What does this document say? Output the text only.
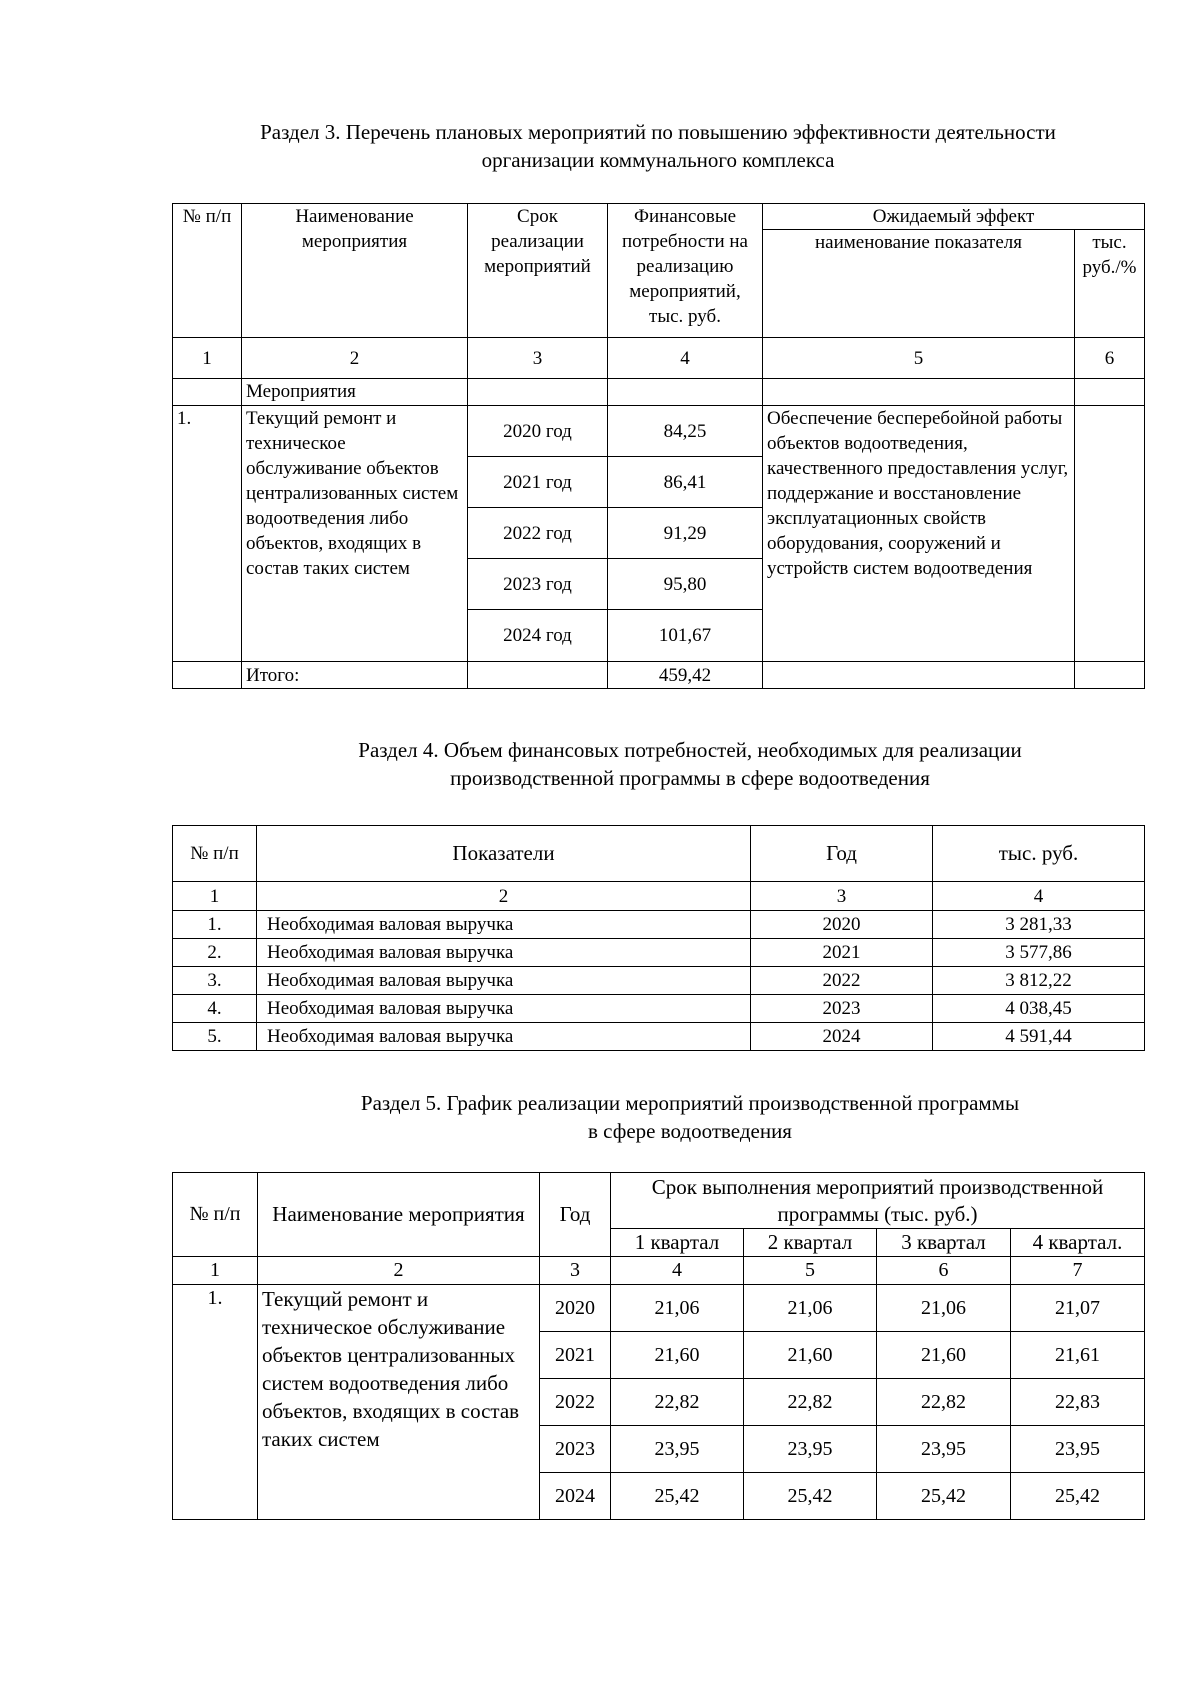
Раздел 3. Перечень плановых мероприятий по повышению эффективности деятельности
организации коммунального комплекса
№ п/п	Наименование мероприятия	Срок реализации мероприятий	Финансовые потребности на реализацию мероприятий, тыс. руб.	Ожидаемый эффект	
				наименование показателя	тыс. руб./%
1	2	3	4	5	6
	Мероприятия				
1.	Текущий ремонт и техническое обслуживание объектов централизованных систем водоотведения либо объектов, входящих в состав таких систем	2020 год	84,25	Обеспечение бесперебойной работы объектов водоотведения, качественного предоставления услуг, поддержание и восстановление эксплуатационных свойств оборудования, сооружений и устройств систем водоотведения	
		2021 год	86,41		
		2022 год	91,29		
		2023 год	95,80		
		2024 год	101,67		
	Итого:		459,42		
Раздел 4. Объем финансовых потребностей, необходимых для реализации
производственной программы в сфере водоотведения
№ п/п	Показатели	Год	тыс. руб.
1	2	3	4
1.	Необходимая валовая выручка	2020	3 281,33
2.	Необходимая валовая выручка	2021	3 577,86
3.	Необходимая валовая выручка	2022	3 812,22
4.	Необходимая валовая выручка	2023	4 038,45
5.	Необходимая валовая выручка	2024	4 591,44
Раздел 5. График реализации мероприятий производственной программы
в сфере водоотведения
№ п/п	Наименование мероприятия	Год	Срок выполнения мероприятий производственной программы (тыс. руб.)			
			1 квартал	2 квартал	3 квартал	4 квартал.
1	2	3	4	5	6	7
1.	Текущий ремонт и техническое обслуживание объектов централизованных систем водоотведения либо объектов, входящих в состав таких систем	2020	21,06	21,06	21,06	21,07
		2021	21,60	21,60	21,60	21,61
		2022	22,82	22,82	22,82	22,83
		2023	23,95	23,95	23,95	23,95
		2024	25,42	25,42	25,42	25,42
